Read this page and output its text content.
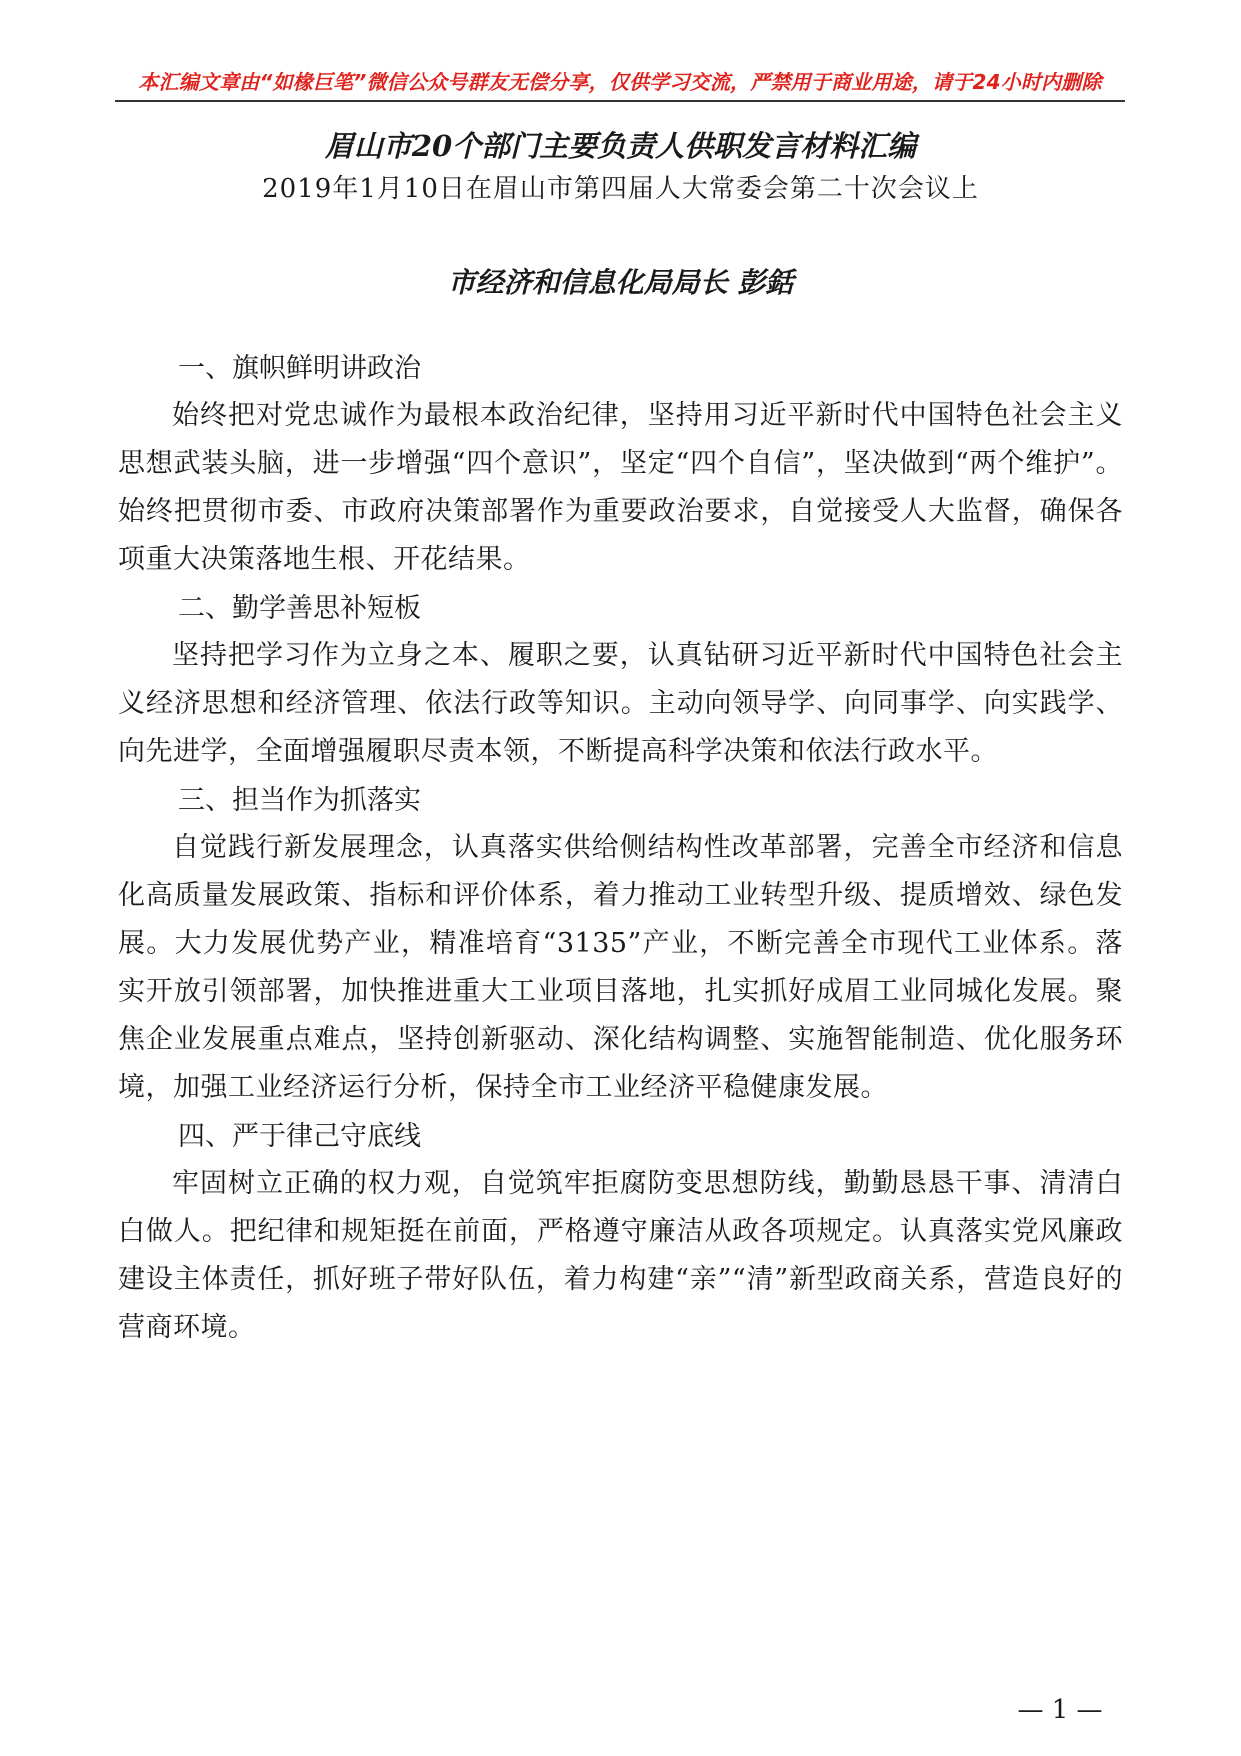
本汇编文章由“如椽巨笔”微信公众号群友无偿分享，仅供学习交流，严禁用于商业用途，请于24小时内删除
眉山市20个部门主要负责人供职发言材料汇编
2019年1月10日在眉山市第四届人大常委会第二十次会议上
市经济和信息化局局长 彭銛

一、旗帜鲜明讲政治

始终把对党忠诚作为最根本政治纪律，坚持用习近平新时代中国特色社会主义思想武装头脑，进一步增强“四个意识”，坚定“四个自信”，坚决做到“两个维护”。始终把贯彻市委、市政府决策部署作为重要政治要求，自觉接受人大监督，确保各项重大决策落地生根、开花结果。

二、勤学善思补短板

坚持把学习作为立身之本、履职之要，认真钻研习近平新时代中国特色社会主义经济思想和经济管理、依法行政等知识。主动向领导学、向同事学、向实践学、向先进学，全面增强履职尽责本领，不断提高科学决策和依法行政水平。

三、担当作为抓落实

自觉践行新发展理念，认真落实供给侧结构性改革部署，完善全市经济和信息化高质量发展政策、指标和评价体系，着力推动工业转型升级、提质增效、绿色发展。大力发展优势产业，精准培育“3135”产业，不断完善全市现代工业体系。落实开放引领部署，加快推进重大工业项目落地，扎实抓好成眉工业同城化发展。聚焦企业发展重点难点，坚持创新驱动、深化结构调整、实施智能制造、优化服务环境，加强工业经济运行分析，保持全市工业经济平稳健康发展。

四、严于律己守底线

牢固树立正确的权力观，自觉筑牢拒腐防变思想防线，勤勤恳恳干事、清清白白做人。把纪律和规矩挺在前面，严格遵守廉洁从政各项规定。认真落实党风廉政建设主体责任，抓好班子带好队伍，着力构建“亲”“清”新型政商关系，营造良好的营商环境。

— 1 —
